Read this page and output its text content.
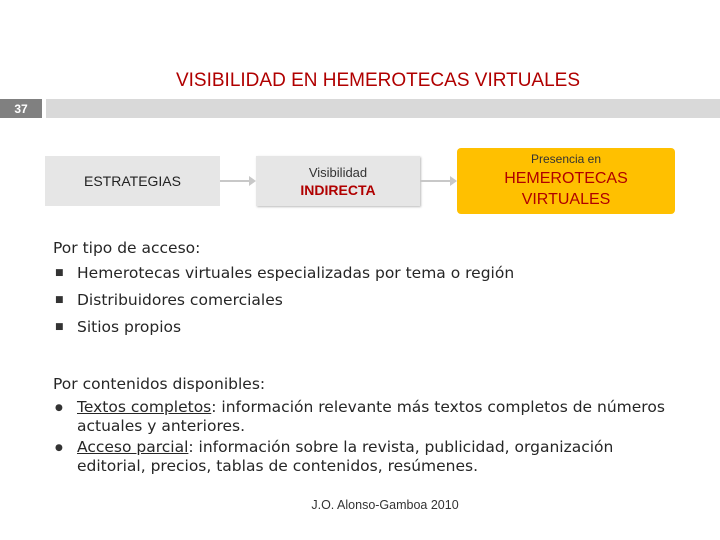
VISIBILIDAD EN HEMEROTECAS VIRTUALES
37
ESTRATEGIAS
Visibilidad
INDIRECTA
Presencia en
HEMEROTECAS
VIRTUALES
Por tipo de acceso:
■ Hemerotecas virtuales especializadas por tema o región
■ Distribuidores comerciales
■ Sitios propios
Por contenidos disponibles:
● Textos completos: información relevante más textos completos de números actuales y anteriores.
● Acceso parcial: información sobre la revista, publicidad, organización editorial, precios, tablas de contenidos, resúmenes.
J.O. Alonso-Gamboa 2010
